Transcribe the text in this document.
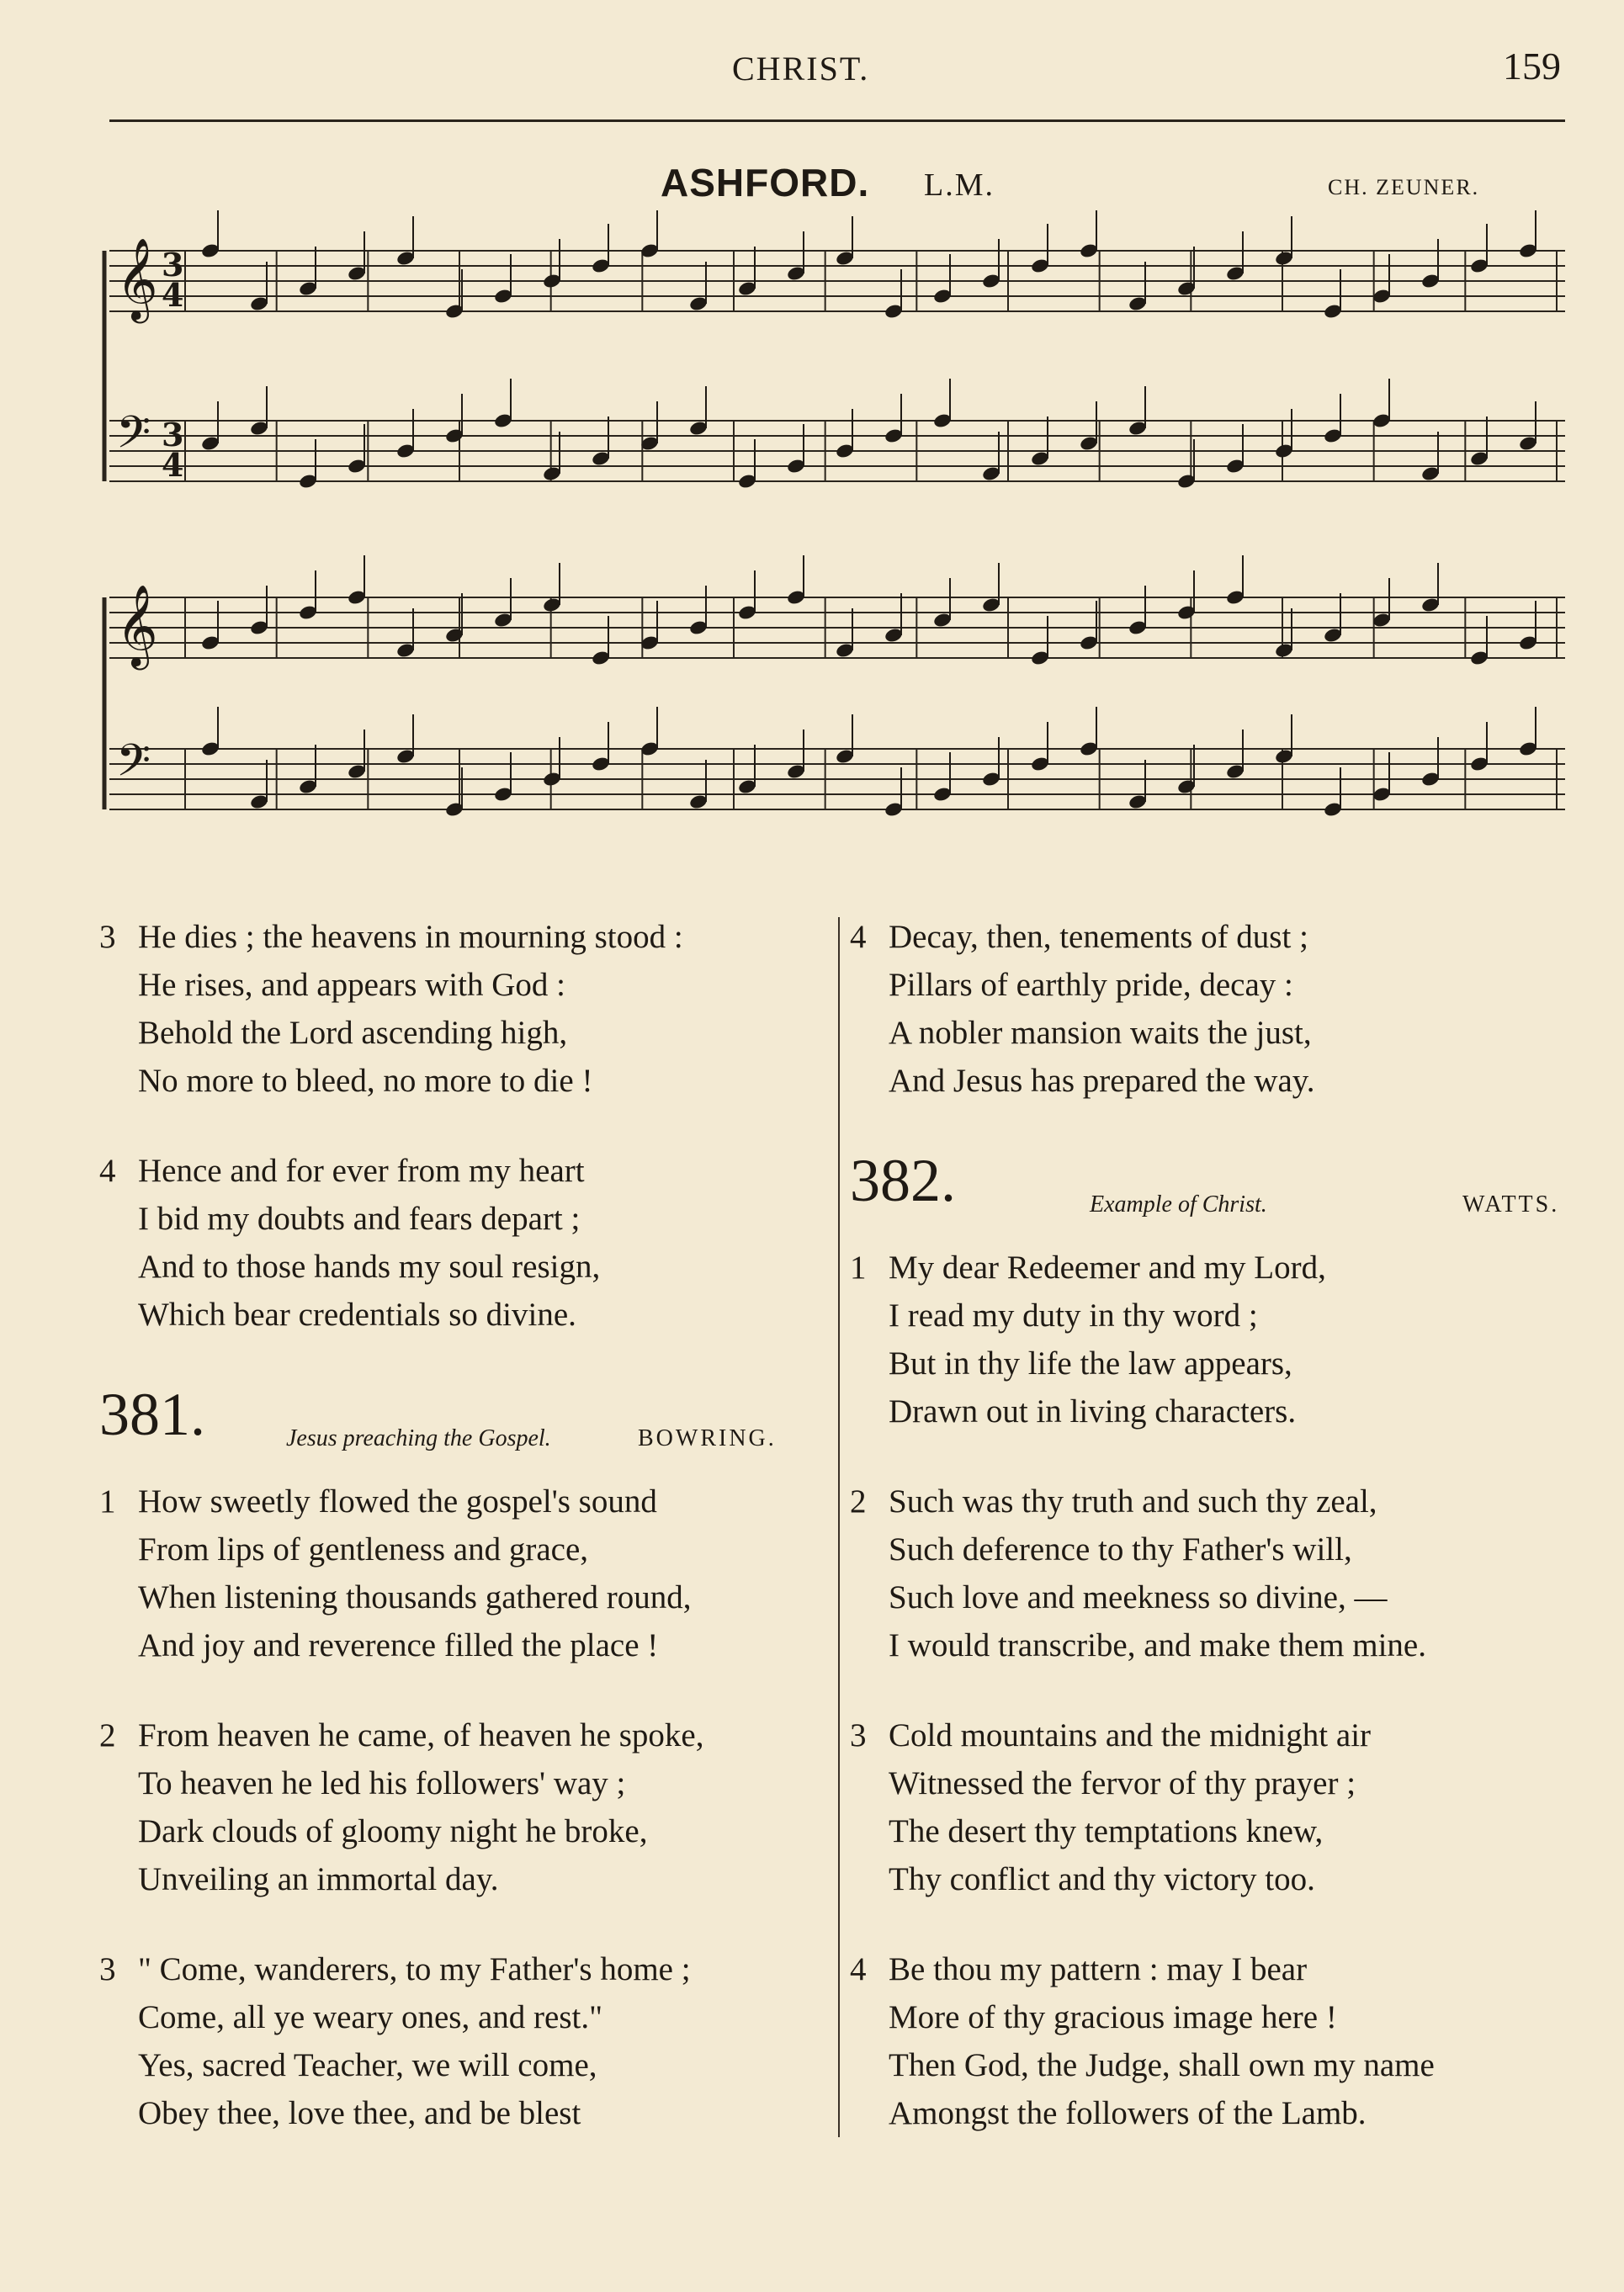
CHRIST.	159
ASHFORD. L.M.	CH. ZEUNER.
𝄞 3
4
𝄢 3
4
𝄞
𝄢
3 He dies ; the heavens in mourning stood :
He rises, and appears with God :
Behold the Lord ascending high,
No more to bleed, no more to die !
4 Hence and for ever from my heart
I bid my doubts and fears depart ;
And to those hands my soul resign,
Which bear credentials so divine.
381.	Jesus preaching the Gospel.	BOWRING.
1 How sweetly flowed the gospel's sound
From lips of gentleness and grace,
When listening thousands gathered round,
And joy and reverence filled the place !
2 From heaven he came, of heaven he spoke,
To heaven he led his followers' way ;
Dark clouds of gloomy night he broke,
Unveiling an immortal day.
3 " Come, wanderers, to my Father's home ;
Come, all ye weary ones, and rest."
Yes, sacred Teacher, we will come,
Obey thee, love thee, and be blest
4 Decay, then, tenements of dust ;
Pillars of earthly pride, decay :
A nobler mansion waits the just,
And Jesus has prepared the way.
382.	Example of Christ.	WATTS.
1 My dear Redeemer and my Lord,
I read my duty in thy word ;
But in thy life the law appears,
Drawn out in living characters.
2 Such was thy truth and such thy zeal,
Such deference to thy Father's will,
Such love and meekness so divine, —
I would transcribe, and make them mine.
3 Cold mountains and the midnight air
Witnessed the fervor of thy prayer ;
The desert thy temptations knew,
Thy conflict and thy victory too.
4 Be thou my pattern : may I bear
More of thy gracious image here !
Then God, the Judge, shall own my name
Amongst the followers of the Lamb.
